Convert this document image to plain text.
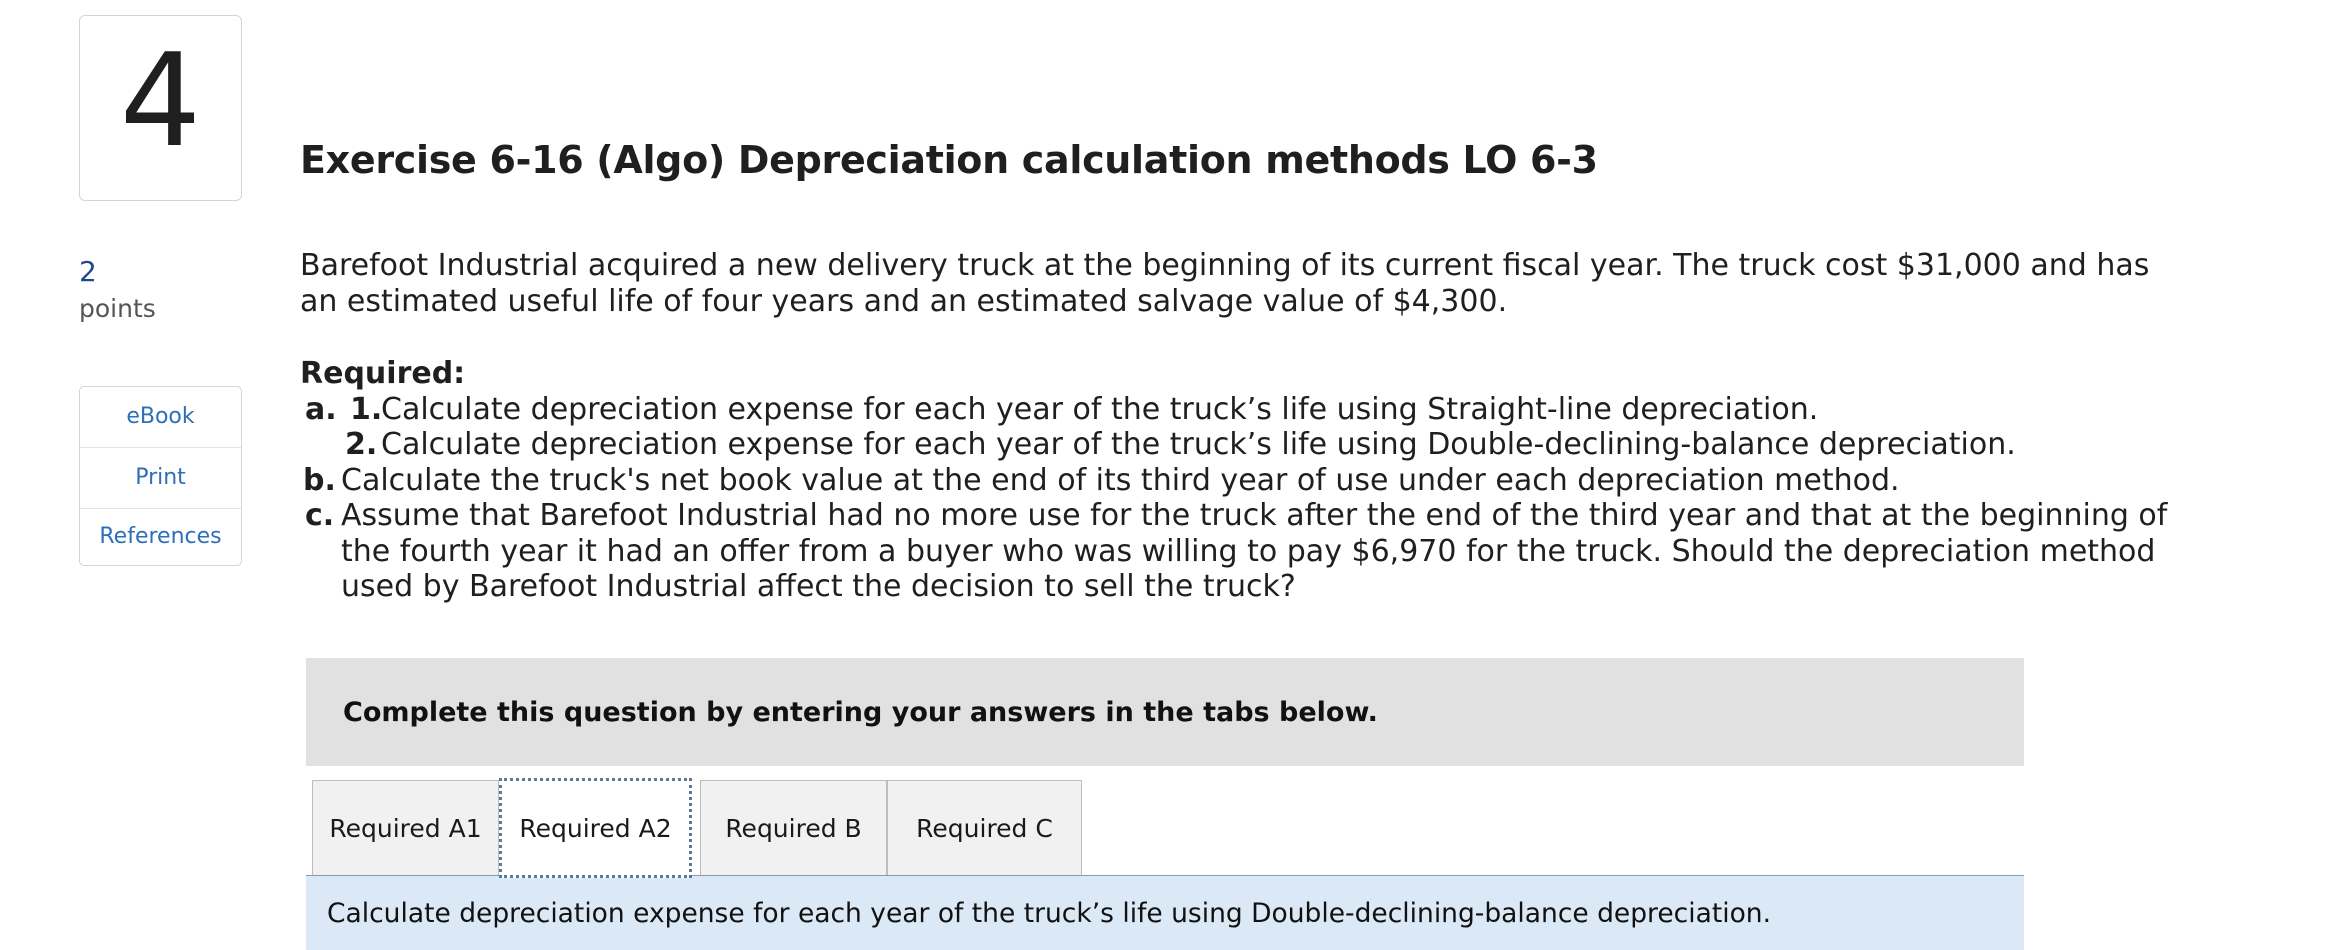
4
2
points
eBook
Print
References
Exercise 6-16 (Algo) Depreciation calculation methods LO 6-3

Barefoot Industrial acquired a new delivery truck at the beginning of its current fiscal year. The truck cost $31,000 and has an estimated useful life of four years and an estimated salvage value of $4,300.

Required:
a. 1.
Calculate depreciation expense for each year of the truck’s life using Straight-line depreciation.
2. Calculate depreciation expense for each year of the truck’s life using Double-declining-balance depreciation.
b. Calculate the truck's net book value at the end of its third year of use under each depreciation method.
c. Assume that Barefoot Industrial had no more use for the truck after the end of the third year and that at the beginning of the fourth year it had an offer from a buyer who was willing to pay $6,970 for the truck. Should the depreciation method used by Barefoot Industrial affect the decision to sell the truck?
Complete this question by entering your answers in the tabs below.
Required A1	Required A2	Required B	Required C
Calculate depreciation expense for each year of the truck’s life using Double-declining-balance depreciation.
